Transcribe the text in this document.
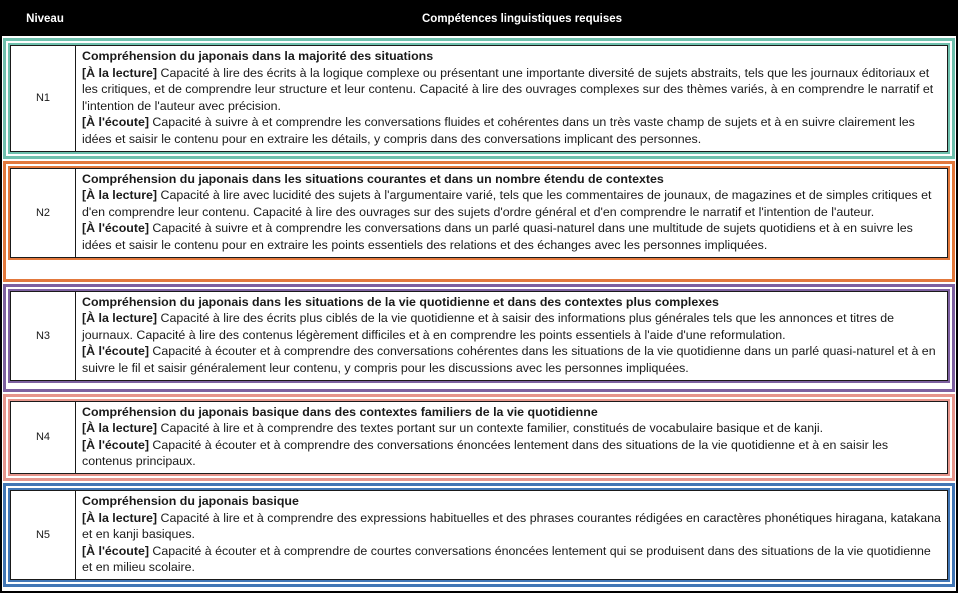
Niveau	Compétences linguistiques requises
N1
Compréhension du japonais dans la majorité des situations
[À la lecture] Capacité à lire des écrits à la logique complexe ou présentant une importante diversité de sujets abstraits, tels que les journaux éditoriaux et les critiques, et de comprendre leur structure et leur contenu. Capacité à lire des ouvrages complexes sur des thèmes variés, à en comprendre le narratif et l'intention de l'auteur avec précision.
[À l'écoute] Capacité à suivre à et comprendre les conversations fluides et cohérentes dans un très vaste champ de sujets et à en suivre clairement les idées et saisir le contenu pour en extraire les détails, y compris dans des conversations implicant des personnes.
N2
Compréhension du japonais dans les situations courantes et dans un nombre étendu de contextes
[À la lecture] Capacité à lire avec lucidité des sujets à l'argumentaire varié, tels que les commentaires de jounaux, de magazines et de simples critiques et d'en comprendre leur contenu. Capacité à lire des ouvrages sur des sujets d'ordre général et d'en comprendre le narratif et l'intention de l'auteur.
[À l'écoute] Capacité à suivre et à comprendre les conversations dans un parlé quasi-naturel dans une multitude de sujets quotidiens et à en suivre les idées et saisir le contenu pour en extraire les points essentiels des relations et des échanges avec les personnes impliquées.
N3
Compréhension du japonais dans les situations de la vie quotidienne et dans des contextes plus complexes
[À la lecture] Capacité à lire des écrits plus ciblés de la vie quotidienne et à saisir des informations plus générales tels que les annonces et titres de journaux. Capacité à lire des contenus légèrement difficiles et à en comprendre les points essentiels à l'aide d'une reformulation.
[À l'écoute] Capacité à écouter et à comprendre des conversations cohérentes dans les situations de la vie quotidienne dans un parlé quasi-naturel et à en suivre le fil et saisir généralement leur contenu, y compris pour les discussions avec les personnes impliquées.
N4
Compréhension du japonais basique dans des contextes familiers de la vie quotidienne
[À la lecture] Capacité à lire et à comprendre des textes portant sur un contexte familier, constitués de vocabulaire basique et de kanji.
[À l'écoute] Capacité à écouter et à comprendre des conversations énoncées lentement dans des situations de la vie quotidienne et à en saisir les contenus principaux.
N5
Compréhension du japonais basique
[À la lecture] Capacité à lire et à comprendre des expressions habituelles et des phrases courantes rédigées en caractères phonétiques hiragana, katakana et en kanji basiques.
[À l'écoute] Capacité à écouter et à comprendre de courtes conversations énoncées lentement qui se produisent dans des situations de la vie quotidienne et en milieu scolaire.
